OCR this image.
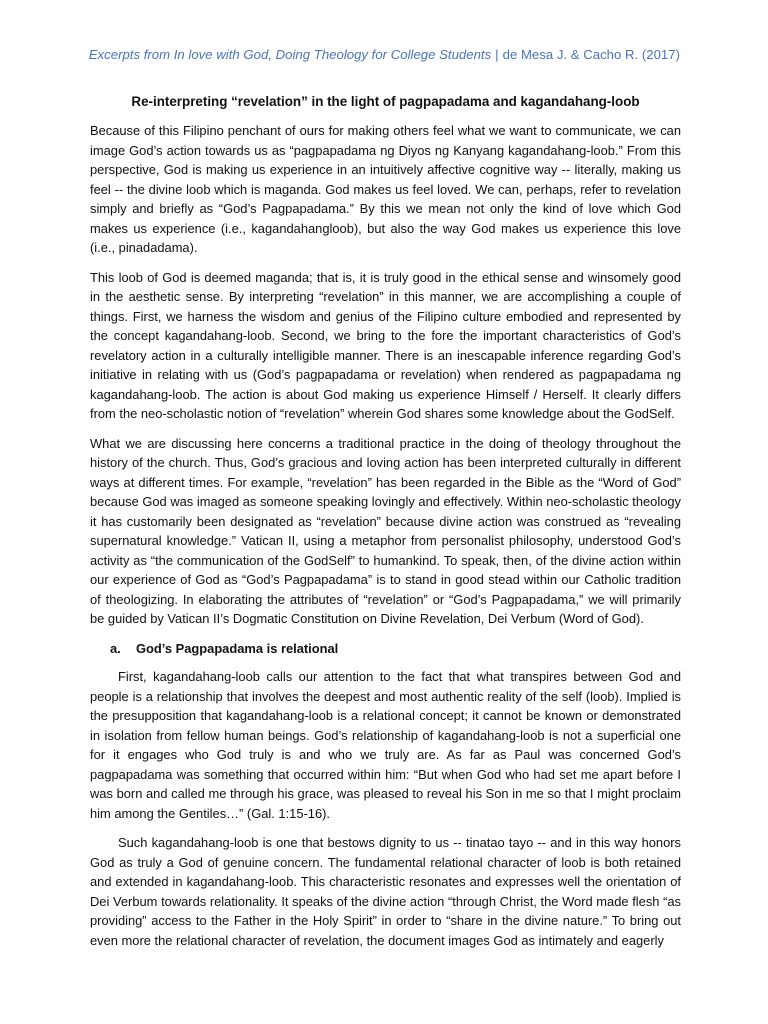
Excerpts from In love with God, Doing Theology for College Students | de Mesa J. & Cacho R. (2017)
Re-interpreting “revelation” in the light of pagpapadama and kagandahang-loob

Because of this Filipino penchant of ours for making others feel what we want to communicate, we can image God’s action towards us as “pagpapadama ng Diyos ng Kanyang kagandahang-loob.” From this perspective, God is making us experience in an intuitively affective cognitive way -- literally, making us feel -- the divine loob which is maganda. God makes us feel loved. We can, perhaps, refer to revelation simply and briefly as “God’s Pagpapadama.” By this we mean not only the kind of love which God makes us experience (i.e., kagandahangloob), but also the way God makes us experience this love (i.e., pinadadama).

This loob of God is deemed maganda; that is, it is truly good in the ethical sense and winsomely good in the aesthetic sense. By interpreting “revelation” in this manner, we are accomplishing a couple of things. First, we harness the wisdom and genius of the Filipino culture embodied and represented by the concept kagandahang-loob. Second, we bring to the fore the important characteristics of God’s revelatory action in a culturally intelligible manner. There is an inescapable inference regarding God’s initiative in relating with us (God’s pagpapadama or revelation) when rendered as pagpapadama ng kagandahang-loob. The action is about God making us experience Himself / Herself. It clearly differs from the neo-scholastic notion of “revelation” wherein God shares some knowledge about the GodSelf.

What we are discussing here concerns a traditional practice in the doing of theology throughout the history of the church. Thus, God’s gracious and loving action has been interpreted culturally in different ways at different times. For example, “revelation” has been regarded in the Bible as the “Word of God” because God was imaged as someone speaking lovingly and effectively. Within neo-scholastic theology it has customarily been designated as “revelation” because divine action was construed as “revealing supernatural knowledge.” Vatican II, using a metaphor from personalist philosophy, understood God’s activity as “the communication of the GodSelf” to humankind. To speak, then, of the divine action within our experience of God as “God’s Pagpapadama” is to stand in good stead within our Catholic tradition of theologizing. In elaborating the attributes of “revelation” or “God’s Pagpapadama,” we will primarily be guided by Vatican II’s Dogmatic Constitution on Divine Revelation, Dei Verbum (Word of God).

a. God’s Pagpapadama is relational

First, kagandahang-loob calls our attention to the fact that what transpires between God and people is a relationship that involves the deepest and most authentic reality of the self (loob). Implied is the presupposition that kagandahang-loob is a relational concept; it cannot be known or demonstrated in isolation from fellow human beings. God’s relationship of kagandahang-loob is not a superficial one for it engages who God truly is and who we truly are. As far as Paul was concerned God’s pagpapadama was something that occurred within him: “But when God who had set me apart before I was born and called me through his grace, was pleased to reveal his Son in me so that I might proclaim him among the Gentiles…” (Gal. 1:15-16).

Such kagandahang-loob is one that bestows dignity to us -- tinatao tayo -- and in this way honors God as truly a God of genuine concern. The fundamental relational character of loob is both retained and extended in kagandahang-loob. This characteristic resonates and expresses well the orientation of Dei Verbum towards relationality. It speaks of the divine action “through Christ, the Word made flesh “as providing” access to the Father in the Holy Spirit” in order to “share in the divine nature.” To bring out even more the relational character of revelation, the document images God as intimately and eagerly
